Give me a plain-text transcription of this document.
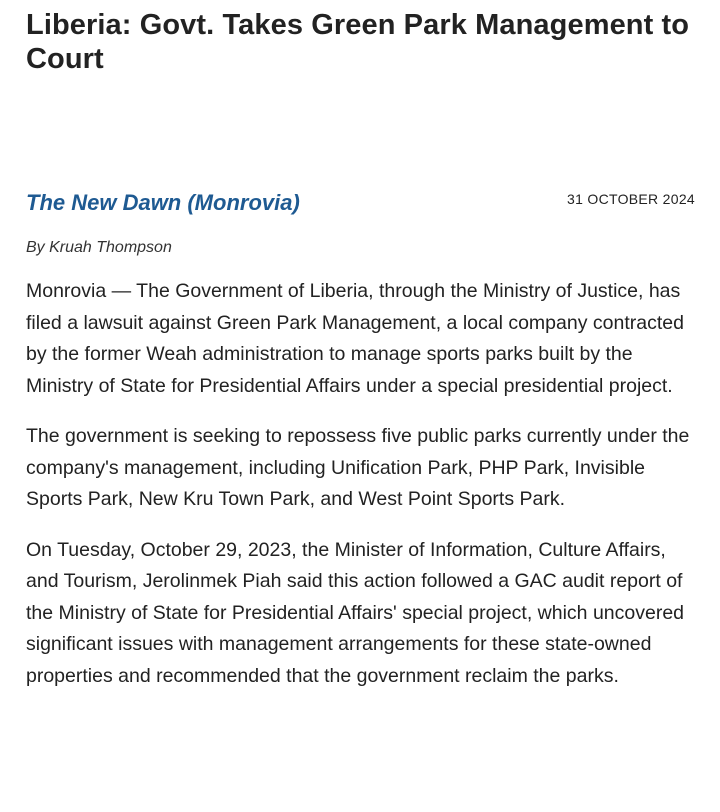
Liberia: Govt. Takes Green Park Management to Court
The New Dawn (Monrovia)	31 OCTOBER 2024
By Kruah Thompson

Monrovia — The Government of Liberia, through the Ministry of Justice, has filed a lawsuit against Green Park Management, a local company contracted by the former Weah administration to manage sports parks built by the Ministry of State for Presidential Affairs under a special presidential project.

The government is seeking to repossess five public parks currently under the company's management, including Unification Park, PHP Park, Invisible Sports Park, New Kru Town Park, and West Point Sports Park.

On Tuesday, October 29, 2023, the Minister of Information, Culture Affairs, and Tourism, Jerolinmek Piah said this action followed a GAC audit report of the Ministry of State for Presidential Affairs' special project, which uncovered significant issues with management arrangements for these state-owned properties and recommended that the government reclaim the parks.
